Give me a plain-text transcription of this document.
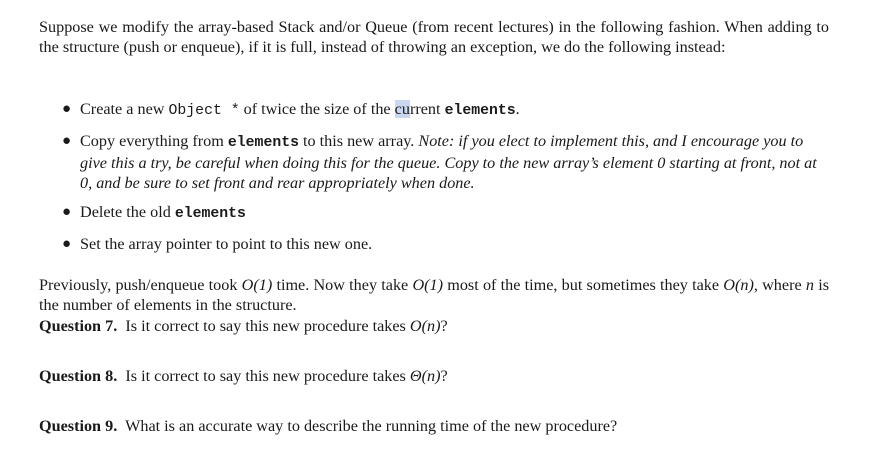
Suppose we modify the array-based Stack and/or Queue (from recent lectures) in the following fashion. When adding to the structure (push or enqueue), if it is full, instead of throwing an exception, we do the following instead:

● Create a new Object * of twice the size of the current elements.
● Copy everything from elements to this new array. Note: if you elect to implement this, and I encourage you to give this a try, be careful when doing this for the queue. Copy to the new array’s element 0 starting at front, not at 0, and be sure to set front and rear appropriately when done.
● Delete the old elements
● Set the array pointer to point to this new one.

Previously, push/enqueue took Ο(1) time. Now they take Ο(1) most of the time, but sometimes they take Ο(n), where n is the number of elements in the structure.

Question 7. Is it correct to say this new procedure takes Ο(n)?

Question 8. Is it correct to say this new procedure takes Θ(n)?

Question 9. What is an accurate way to describe the running time of the new procedure?
